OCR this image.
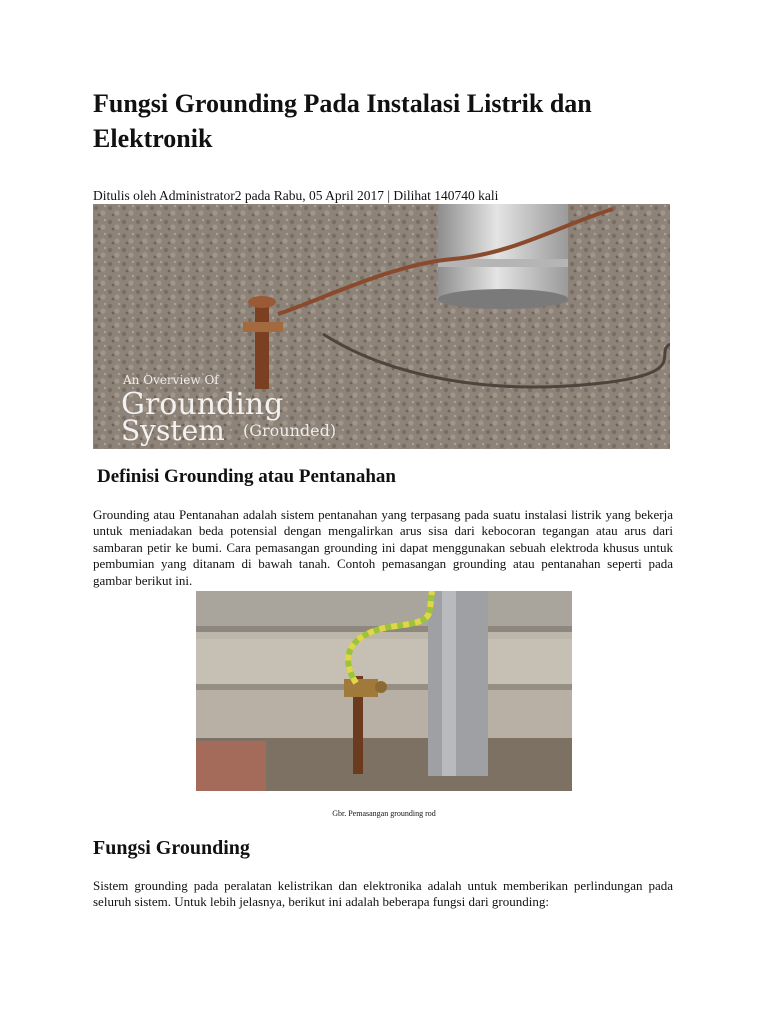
Fungsi Grounding Pada Instalasi Listrik dan Elektronik
Ditulis oleh Administrator2 pada Rabu, 05 April 2017 | Dilihat 140740 kali
An Overview Of
Grounding
System (Grounded)
Definisi Grounding atau Pentanahan

Grounding atau Pentanahan adalah sistem pentanahan yang terpasang pada suatu instalasi listrik yang bekerja untuk meniadakan beda potensial dengan mengalirkan arus sisa dari kebocoran tegangan atau arus dari sambaran petir ke bumi. Cara pemasangan grounding ini dapat menggunakan sebuah elektroda khusus untuk pembumian yang ditanam di bawah tanah. Contoh pemasangan grounding atau pentanahan seperti pada gambar berikut ini.

Gbr. Pemasangan grounding rod
Fungsi Grounding

Sistem grounding pada peralatan kelistrikan dan elektronika adalah untuk memberikan perlindungan pada seluruh sistem. Untuk lebih jelasnya, berikut ini adalah beberapa fungsi dari grounding:
